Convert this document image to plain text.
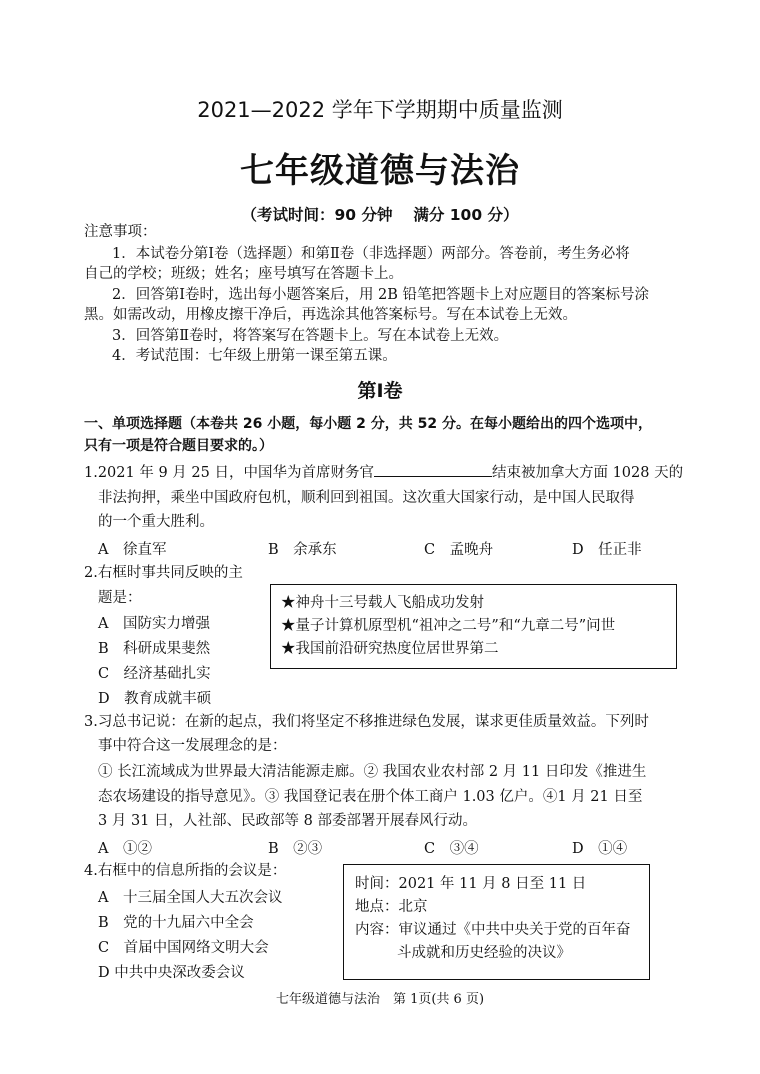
2021—2022 学年下学期期中质量监测
七年级道德与法治
（考试时间：90 分钟　 满分 100 分）
注意事项：
1．本试卷分第Ⅰ卷（选择题）和第Ⅱ卷（非选择题）两部分。答卷前，考生务必将
自己的学校；班级；姓名；座号填写在答题卡上。
2．回答第Ⅰ卷时，选出每小题答案后，用 2B 铅笔把答题卡上对应题目的答案标号涂
黑。如需改动，用橡皮擦干净后，再选涂其他答案标号。写在本试卷上无效。
3．回答第Ⅱ卷时，将答案写在答题卡上。写在本试卷上无效。
4．考试范围：七年级上册第一课至第五课。
第Ⅰ卷
一、单项选择题（本卷共 26 小题，每小题 2 分，共 52 分。在每小题给出的四个选项中，
只有一项是符合题目要求的。）
1.2021 年 9 月 25 日，中国华为首席财务官	结束被加拿大方面 1028 天的
非法拘押，乘坐中国政府包机，顺利回到祖国。这次重大国家行动，是中国人民取得
的一个重大胜利。
A　徐直军	B　余承东	C　孟晚舟	D　任正非
2.右框时事共同反映的主
题是：
A　国防实力增强
B　科研成果斐然
C　经济基础扎实
D　教育成就丰硕
★神舟十三号载人飞船成功发射
★量子计算机原型机“祖冲之二号”和“九章二号”问世
★我国前沿研究热度位居世界第二
3.习总书记说：在新的起点，我们将坚定不移推进绿色发展，谋求更佳质量效益。下列时
事中符合这一发展理念的是：
① 长江流域成为世界最大清洁能源走廊。② 我国农业农村部 2 月 11 日印发《推进生
态农场建设的指导意见》。③ 我国登记表在册个体工商户 1.03 亿户。④1 月 21 日至
3 月 31 日，人社部、民政部等 8 部委部署开展春风行动。
A　①②	B　②③	C　③④	D　①④
4.右框中的信息所指的会议是：
A　十三届全国人大五次会议
B　党的十九届六中全会
C　首届中国网络文明大会
D 中共中央深改委会议
时间：2021 年 11 月 8 日至 11 日
地点：北京
内容：审议通过《中共中央关于党的百年奋
斗成就和历史经验的决议》
七年级道德与法治　第 1页(共 6 页)
